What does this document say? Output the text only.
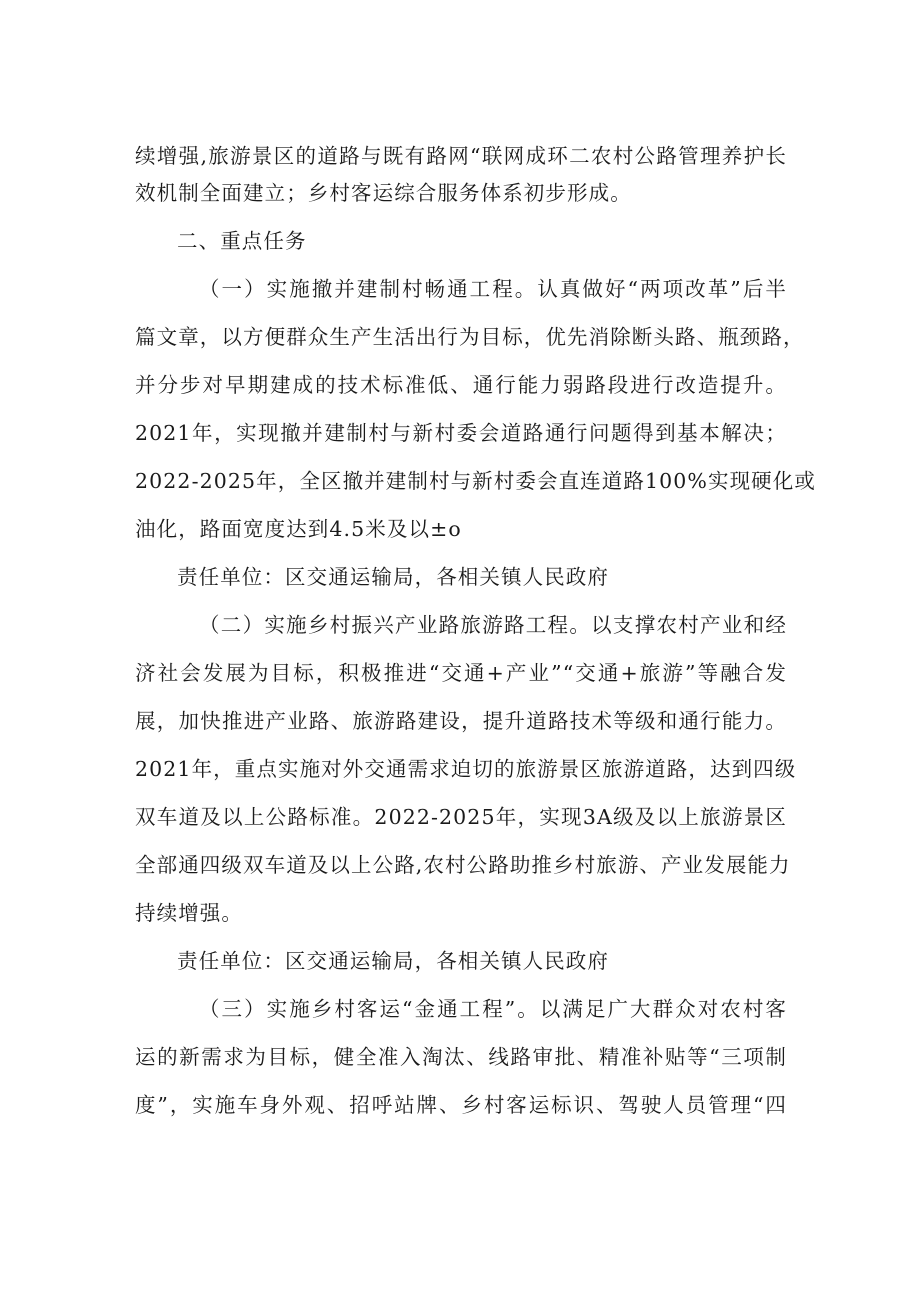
续增强,旅游景区的道路与既有路网“联网成环二农村公路管理养护长
效机制全面建立；乡村客运综合服务体系初步形成。
二、重点任务
（一）实施撤并建制村畅通工程。认真做好“两项改革”后半
篇文章，以方便群众生产生活出行为目标，优先消除断头路、瓶颈路，
并分步对早期建成的技术标准低、通行能力弱路段进行改造提升。
2021年，实现撤并建制村与新村委会道路通行问题得到基本解决；
2022-2025年，全区撤并建制村与新村委会直连道路100%实现硬化或
油化，路面宽度达到4.5米及以±o
责任单位：区交通运输局，各相关镇人民政府
（二）实施乡村振兴产业路旅游路工程。以支撑农村产业和经
济社会发展为目标，积极推进“交通+产业”“交通+旅游”等融合发
展，加快推进产业路、旅游路建设，提升道路技术等级和通行能力。
2021年，重点实施对外交通需求迫切的旅游景区旅游道路，达到四级
双车道及以上公路标准。2022-2025年，实现3A级及以上旅游景区
全部通四级双车道及以上公路,农村公路助推乡村旅游、产业发展能力
持续增强。
责任单位：区交通运输局，各相关镇人民政府
（三）实施乡村客运“金通工程”。以满足广大群众对农村客
运的新需求为目标，健全准入淘汰、线路审批、精准补贴等“三项制
度”，实施车身外观、招呼站牌、乡村客运标识、驾驶人员管理“四
